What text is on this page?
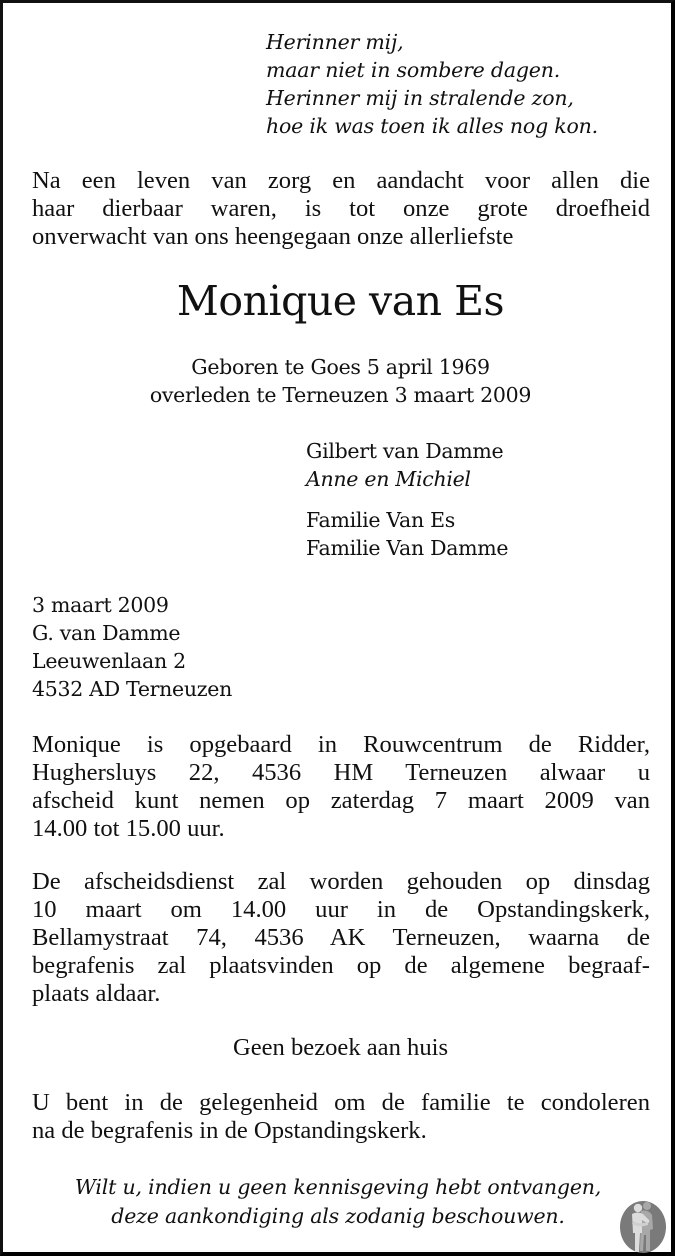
Herinner mij,
maar niet in sombere dagen.
Herinner mij in stralende zon,
hoe ik was toen ik alles nog kon.
Na een leven van zorg en aandacht voor allen die
haar dierbaar waren, is tot onze grote droefheid
onverwacht van ons heengegaan onze allerliefste
Monique van Es
Geboren te Goes 5 april 1969
overleden te Terneuzen 3 maart 2009
Gilbert van Damme
Anne en Michiel
Familie Van Es
Familie Van Damme
3 maart 2009
G. van Damme
Leeuwenlaan 2
4532 AD Terneuzen
Monique is opgebaard in Rouwcentrum de Ridder,
Hughersluys 22, 4536 HM Terneuzen alwaar u
afscheid kunt nemen op zaterdag 7 maart 2009 van
14.00 tot 15.00 uur.
De afscheidsdienst zal worden gehouden op dinsdag
10 maart om 14.00 uur in de Opstandingskerk,
Bellamystraat 74, 4536 AK Terneuzen, waarna de
begrafenis zal plaatsvinden op de algemene begraaf-
plaats aldaar.
Geen bezoek aan huis
U bent in de gelegenheid om de familie te condoleren
na de begrafenis in de Opstandingskerk.
Wilt u, indien u geen kennisgeving hebt ontvangen,
deze aankondiging als zodanig beschouwen.
